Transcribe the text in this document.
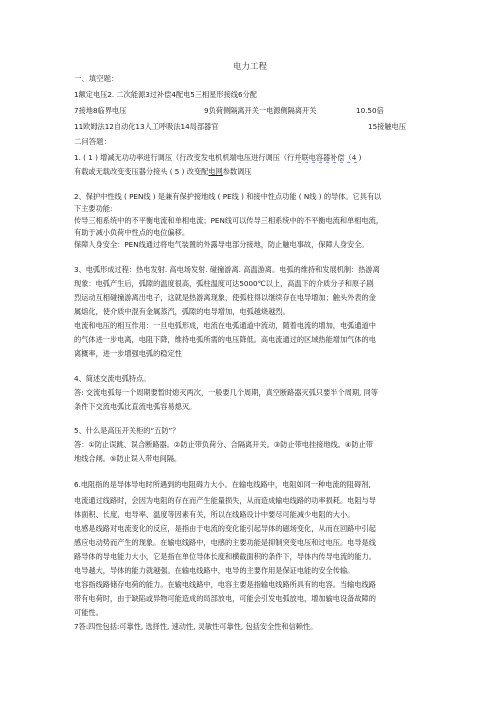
电力工程
一、填空题：
1额定电压2. 二次能源3过补偿4配电5三相星形接线6分配
7接地8临界电压	9负荷侧隔离开关一电源侧隔离开关	10.50倍
11欧姆法12自动化13人工呼吸法14局部器官	15接触电压
二问答题：
1. ( 1 ) 增减无功功率进行调压（行改变发电机机端电压进行调压（行并联电容器补偿（4 )
有载或无载改变变压器分接头 ( 5 ) 改变配电网参数调压
2、保护中性线 ( PEN线 ) 是兼有保护接地线 ( PE线 ) 和接中性点功能 ( N线 ) 的导体。它具有以
下主要功能:
传导三相系统中的不平衡电流和单相电流；PEN线可以传导三相系统中的不平衡电流和单相电流，
有助于减小负荷中性点的电位偏移。
保障人身安全：PEN线通过将电气装置的外露导电部分接地，防止触电事故，保障人身安全。
3、电弧形成过程：热电发射. 高电场发射. 碰撞游离. 高温游离。电弧的维持和发展机制：热游离
现象：电弧产生后，弧隙的温度很高，弧柱温度可达5000℃以上，高温下的介质分子和原子剧
烈运动互相碰撞游离出电子，这就是热游离现象，使弧柱得以继续存在电导增加；触头外表的金
属熔化，使介质中混有金属蒸汽，弧隙的电导增加，电弧越烧越烈。
电流和电压的相互作用：一旦电弧形成，电流在电弧通道中流动，随着电流的增加，电弧通道中
的气体进一步电离，电阻下降，维持电弧所需的电压降低。高电流通过的区域热能增加气体的电
离概率，进一步增强电弧的稳定性
4、简述交流电弧特点。
答: 交流电弧每一个周期要暂时熄灭两次，一般要几个周期，真空断路器灭弧只要半个周期, 同等
条件下交流电弧比直流电弧容易熄灭。
5、什么是高压开关柜的“五防”？
答：①防止误跳、误合断路器。②防止带负荷分、合隔离开关。③防止带电挂接地线。④防止带
地线合闸。⑤防止误入带电间隔。
6.电阻指的是导体导电时所遇到的电阻碍力大小。在输电线路中，电阻如同一种电流的阻碍剂,
电流通过线路时，会因为电阻的存在而产生能量损失，从而造成输电线路的功率损耗。电阻与导
体面积、长度、电导率、温度等因素有关，所以在线路设计中要尽可能减少电阻的大小。
电感是线路对电流变化的反应，是指由于电流的变化能引起导体的磁场变化，从而在回路中引起
感应电动势而产生的现象。在输电线路中，电感的主要功能是抑制突变电压和过电压。电导是线
路导体的导电能力大小，它是指在单位导体长度和横截面积的条件下，导体内传导电流的能力。
电导越大，导体的能力就越强。在输电线路中，电导的主要作用是保证电能的安全传输。
电容指线路储存电荷的能力。在输电线路中，电容主要是指输电线路所具有的电容。当输电线路
带有电荷时，由于缺陷或异物可能造成的局部放电，可能会引发电弧放电，增加输电设备故障的
可能性。
7答:四性包括:可靠性, 选择性, 速动性, 灵敏性可靠性, 包括安全性和信赖性。
